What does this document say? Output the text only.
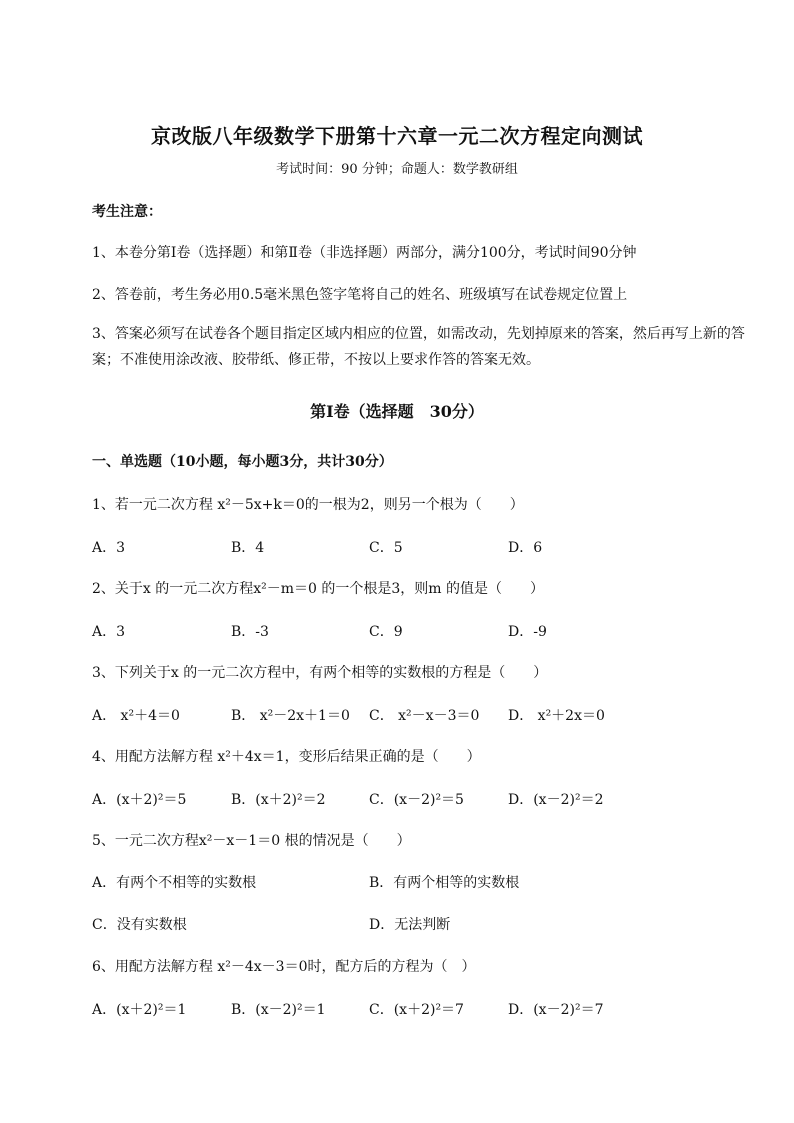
京改版八年级数学下册第十六章一元二次方程定向测试
考试时间：90 分钟；命题人：数学教研组
考生注意：
1、本卷分第I卷（选择题）和第Ⅱ卷（非选择题）两部分，满分100分，考试时间90分钟
2、答卷前，考生务必用0.5毫米黑色签字笔将自己的姓名、班级填写在试卷规定位置上
3、答案必须写在试卷各个题目指定区域内相应的位置，如需改动，先划掉原来的答案，然后再写上新的答案；不准使用涂改液、胶带纸、修正带，不按以上要求作答的答案无效。
第I卷（选择题　30分）
一、单选题（10小题，每小题3分，共计30分）
1、若一元二次方程 x²－5x+k＝0的一根为2，则另一个根为（　　）
A．3	B．4	C．5	D．6
2、关于x 的一元二次方程x²－m＝0 的一个根是3，则m 的值是（　　）
A．3	B．-3	C．9	D．-9
3、下列关于x 的一元二次方程中，有两个相等的实数根的方程是（　　）
A． x²＋4＝0	B． x²－2x＋1＝0 C． x²－x－3＝0 D． x²＋2x＝0
4、用配方法解方程 x²＋4x＝1，变形后结果正确的是（　　）
A．(x＋2)²＝5	B．(x＋2)²＝2	C．(x－2)²＝5	D．(x－2)²＝2
5、一元二次方程x²－x－1＝0 根的情况是（　　）
A．有两个不相等的实数根	B．有两个相等的实数根
C．没有实数根	D．无法判断
6、用配方法解方程 x²－4x－3＝0时，配方后的方程为（　）
A．(x＋2)²＝1	B．(x－2)²＝1	C．(x＋2)²＝7	D．(x－2)²＝7
